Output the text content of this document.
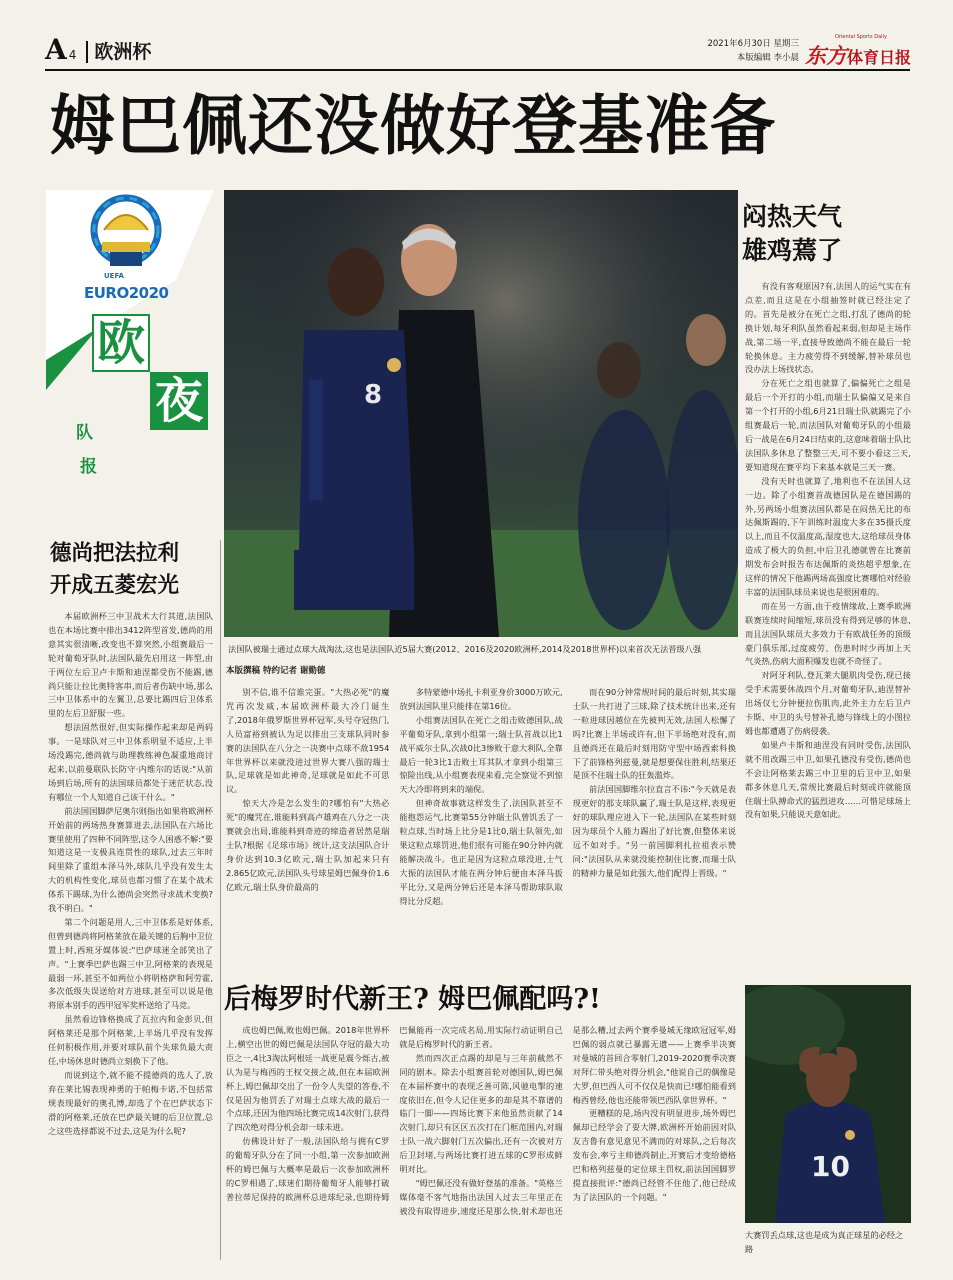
A 4 欧洲杯	2021年6月30日 星期三
本版编辑 李小晨
Oriental Sports Daily
东方体育日报
姆巴佩还没做好登基准备
UEFA
EURO2020
欧
夜
队
报
8
法国队被瑞士通过点球大战淘汰,这也是法国队近5届大赛(2012、2016及2020欧洲杯,2014及2018世界杯)以来首次无法晋级八强
闷热天气
雄鸡蔫了

有没有客观原因?有,法国人的运气实在有点差,而且这是在小组抽签时就已经注定了的。首先是被分在死亡之组,打乱了德尚的轮换计划,每牙利队虽然看起来弱,但却是主场作战,第二场一平,直接导致德尚不能在最后一轮轮换休息。主力疲劳得不到缓解,替补球员也没办法上场找状态。

分在死亡之组也就算了,偏偏死亡之组是最后一个开打的小组,而瑞士队偏偏又是来自第一个打开的小组,6月21日瑞士队就踢完了小组赛最后一轮,而法国队对葡萄牙队的小组最后一战是在6月24日结束的,这意味着瑞士队比法国队多休息了整整三天,可不要小看这三天,要知道现在赛平均下来基本就是三天一赛。

没有天时也就算了,地利也不在法国人这一边。除了小组赛首战德国队是在德国踢的外,另两场小组赛法国队都是在闷热无比的布达佩斯踢的,下午训练时温度大多在35摄氏度以上,而且不仅温度高,湿度也大,这给球员身体造成了极大的负担,中后卫孔德就曾在比赛前期发布会时报告布达佩斯的炎热超乎想象,在这样的情况下他踢两场高强度比赛哪怕对经验丰富的法国队球员来说也是很困难的。

而在另一方面,由于疫情缘故,上赛季欧洲联赛连续时间缩短,球员没有得到足够的休息,而且法国队球员大多效力于有欧战任务的顶级豪门俱乐部,过度疲劳、伤患时时少再加上天气炎热,伤病大面积爆发也就不奇怪了。

对阿牙利队,登瓦莱大腿肌肉受伤,现已接受手术需要休战四个月,对葡萄牙队,迪涅替补出场仅七分钟便拉伤肌肉,此外主力左后卫卢卡斯、中卫的头号替补孔德与锋线上的小图拉姆也都遭遇了伤病侵袭。

如果卢卡斯和迪涅没有同时受伤,法国队就不用改踢三中卫,如果孔德没有受伤,德尚也不会让阿格莱去踢三中卫里的后卫中卫,如果都多休息几天,常规比赛最后时刻或许就能顶住瑞士队搏命式的猛烈进攻……可惜足球场上没有如果,只能说天意如此。

德尚把法拉利
开成五菱宏光

本届欧洲杯三中卫战术大行其道,法国队也在本场比赛中排出3412阵型首发,德尚的用意其实很清晰,改变也不算突然,小组赛最后一轮对葡萄牙队时,法国队最先启用这一阵型,由于两位左后卫卢卡斯和迪涅都受伤不能踢,德尚只能让拉比奥特客串,而后者伤缺中场,那么三中卫体系中的左翼卫,总要比踢四后卫体系里的左后卫舒服一些。

想法固然很好,但实际操作起来却是两码事。一是球队对三中卫体系明显不适应,上半场没踢完,德尚就与助理教练神色凝重地商讨起来,以前曼联队长防守·内维尔的话说:"从前场到后场,所有的法国球员都处于迷茫状态,没有哪位一个人知道自己该干什么。"

前法国国脚萨尼奥尔则指出如果将欧洲杯开始前的两场热身赛算进去,法国队在六场比赛里使用了四种不同阵型,这令人困惑不解:"要知道这是一支极具连贯性的球队,过去三年时间里除了重组本泽马外,球队几乎没有发生太大的机构性变化,球员也都习惯了在某个战术体系下踢球,为什么德尚会突然寻求战术变换?我不明白。"

第二个问题是用人,三中卫体系是好体系,但曾到德尚将阿格莱放在最关键的后胸中卫位置上时,西班牙媒体说:"巴萨球迷全部笑出了声。"上赛季巴萨也踢三中卫,阿格莱的表现是最弱一环,甚至不如两位小将明格萨和阿劳霍,多次低级失误送给对方进球,甚至可以说是他将原本别手的西甲冠军奖杯送给了马竞。

虽然看边锋格换成了瓦拉内和金彭贝,但阿格莱还是那个阿格莱,上半场几乎没有发挥任何积极作用,并要对球队前个失球负最大责任,中场休息时德尚立刻换下了他。

而说到这个,就不能不提德尚的选人了,放弃在莱比锡表现神勇的于帕梅卡诺,不包括常规表现最好的奥孔博,却选了个在巴萨状态下滑的阿格莱,还放在巴萨最关键的后卫位置,总之这些选择都说不过去,这是为什么呢?

本版撰稿 特约记者 谢勤德

别不信,谁不信谁完蛋。"大热必死"的魔咒再次发威,本届欧洲杯最大冷门诞生了,2018年俄罗斯世界杯冠军,头号夺冠热门,人员富裕到被认为足以排出三支球队同时参赛的法国队在八分之一决赛中点球不敌1954年世界杯以来就没进过世界大赛八强的瑞士队,足球就是如此神奇,足球就是如此不可思议。

惊天大冷是怎么发生的?哪怕有"大热必死"的魔咒在,谁能料到高卢雄鸡在八分之一决赛就会出局,谁能料到奇迹的缔造者居然是瑞士队?根据《足球市场》统计,这支法国队合计身价达到10.3亿欧元,瑞士队加起来只有2.865亿欧元,法国队头号球星姆巴佩身价1.6亿欧元,瑞士队身价最高的

多特蒙德中场扎卡利亚身价3000万欧元,放到法国队里只能排在第16位。

小组赛法国队在死亡之组击败德国队,战平葡萄牙队,拿到小组第一;瑞士队首战以比1战平威尔士队,次战0比3惨败于意大利队,全靠最后一轮3比1击败土耳其队才拿到小组第三惊险出线,从小组赛表现来看,完全察觉不到惊天大冷即将到来的端倪。

但神奇故事就这样发生了,法国队甚至不能抱怨运气,比赛第55分钟瑞士队曾饥丢了一粒点球,当时场上比分是1比0,瑞士队领先,如果这粒点球罚进,他们很有可能在90分钟内就能解决战斗。也正是因为这粒点球没进,士气大振的法国队才能在两分钟后便由本泽马扳平比分,又是两分钟后还是本泽马帮助球队取得比分反超。

而在90分钟常规时间的最后时刻,其实瑞士队一共打进了三球,除了技术统计出来,还有一粒进球因越位在先被判无效,法国人松懈了吗?比赛上半场或许有,但下半场绝对没有,而且德尚还在最后时刻用防守型中场西索科换下了前锋格列兹曼,就是想要保住胜利,结果还是顶不住瑞士队的狂轰滥炸。

前法国国脚维尔拉直言不讳:"今天就是表现更好的那支球队赢了,瑞士队是这样,表现更好的球队理应进入下一轮,法国队在某些时刻因为球员个人能力踢出了好比赛,但整体来说远不如对手。"另一前国脚利扎拉祖表示赞同:"法国队从来就没能控制住比赛,而瑞士队的精神力量是如此强大,他们配得上晋级。"

后梅罗时代新王? 姆巴佩配吗?!

成也姆巴佩,败也姆巴佩。2018年世界杯上,横空出世的姆巴佩是法国队夺冠的最大功臣之一,4比3淘汰阿根廷一战更是震今烁古,被认为是与梅西的王权交接之战,但在本届欧洲杯上,姆巴佩却交出了一份令人失望的答卷,不仅是因为他罚丢了对瑞士点球大战的最后一个点球,还因为他四场比赛完成14次射门,获得了四次绝对得分机会却一球未进。

仿佛设计好了一般,法国队给与拥有C罗的葡萄牙队分在了同一小组,第一次参加欧洲杯的姆巴佩与大概率是最后一次参加欧洲杯的C罗相遇了,球迷们期待葡萄牙人能够打破普拉蒂尼保持的欧洲杯总进球纪录,也期待姆巴佩能再一次完成名局,用实际行动证明自己就是后梅罗时代的新王者。

然而四次正点踢的却是与三年前截然不同的剧本。除去小组赛首轮对德国队,姆巴佩在本届杯赛中的表现乏善可陈,风驰电掣的速度依旧在,但令人记住更多的却是其不靠谱的临门一脚——四场比赛下来他虽然贡献了14次射门,却只有区区五次打在门框范围内,对瑞士队一战六脚射门五次偏出,还有一次被对方后卫封堵,与两场比赛打进五球的C罗形成鲜明对比。

"姆巴佩还没有做好登基的准备。"英格兰媒体毫不客气地指出法国人过去三年里正在被没有取得进步,速度还是那么快,射术却也还是那么糟,过去两个赛季曼城无缘欧冠冠军,姆巴佩的弱点就已暴露无遗——上赛季半决赛对曼城的首回合零射门,2019-2020赛季决赛对拜仁带头绝对得分机会,"他说自己的偶像是大罗,但巴西人可不仅仅是快而已!哪怕能看到梅西曾经,他也还能带领巴西队拿世界杯。"

更糟糕的是,场内没有明显进步,场外姆巴佩却已经学会了耍大牌,欧洲杯开始前因对队友吉鲁有意见意见不满而的对球队,之后每次发布会,率亏主帅德尚制止,开赛后才变给德格巴和格列兹曼的定位球主罚权,前法国国脚罗提直接批评:"德尚已经管不住他了,他已经成为了法国队的一个问题。"

10
大赛罚丢点球,这也是成为真正球星的必经之路
